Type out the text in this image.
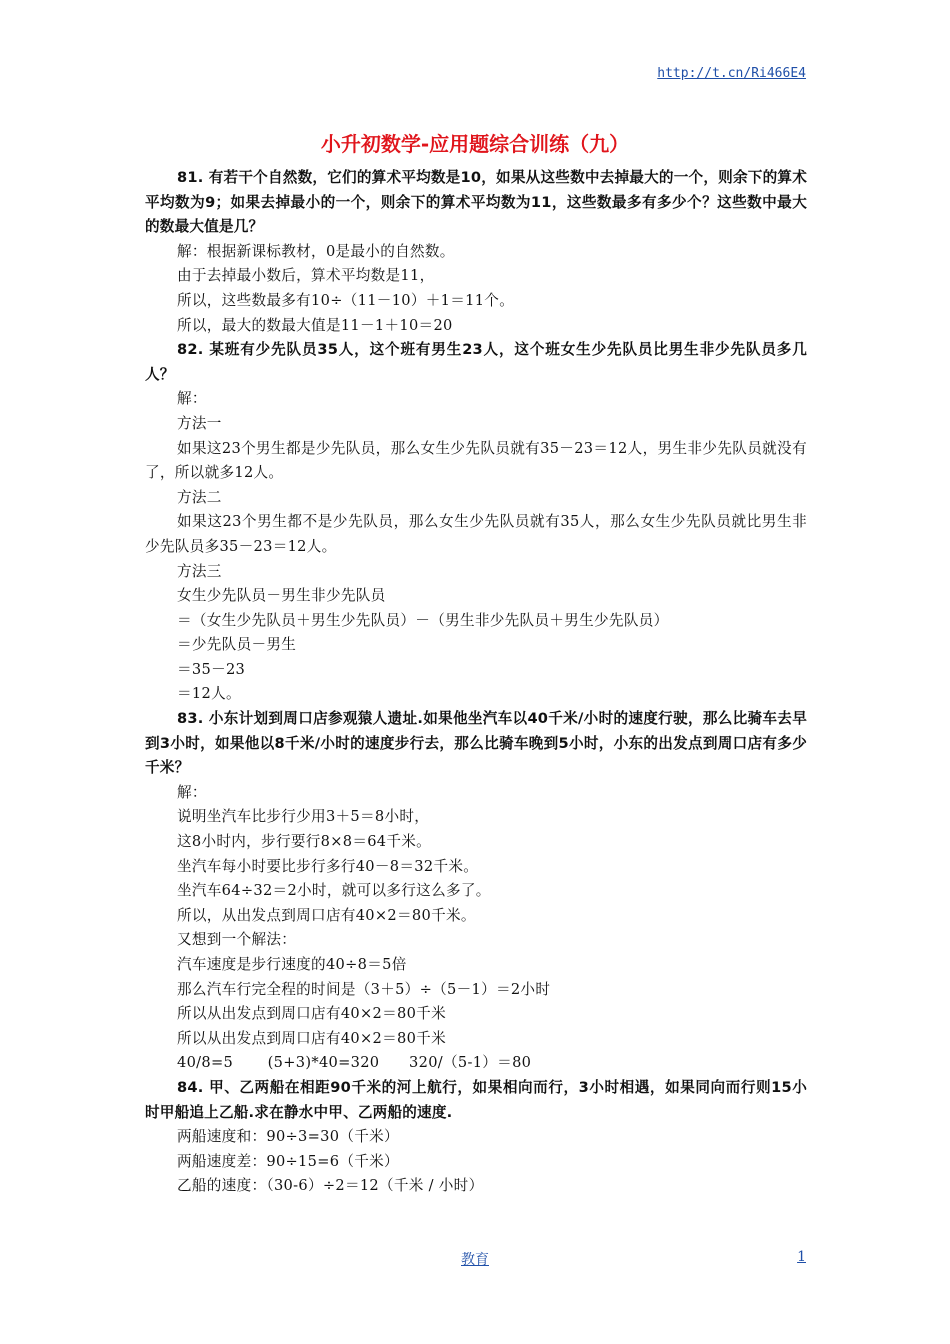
http://t.cn/Ri466E4
小升初数学-应用题综合训练（九）

81. 有若干个自然数，它们的算术平均数是10，如果从这些数中去掉最大的一个，则余下的算术平均数为9；如果去掉最小的一个，则余下的算术平均数为11，这些数最多有多少个？这些数中最大的数最大值是几？

解：根据新课标教材，0是最小的自然数。

由于去掉最小数后，算术平均数是11，

所以，这些数最多有10÷（11－10）＋1＝11个。

所以，最大的数最大值是11－1＋10＝20

82. 某班有少先队员35人，这个班有男生23人，这个班女生少先队员比男生非少先队员多几人？

解：

方法一

如果这23个男生都是少先队员，那么女生少先队员就有35－23＝12人，男生非少先队员就没有了，所以就多12人。

方法二

如果这23个男生都不是少先队员，那么女生少先队员就有35人，那么女生少先队员就比男生非少先队员多35－23＝12人。

方法三

女生少先队员－男生非少先队员

＝（女生少先队员＋男生少先队员）－（男生非少先队员＋男生少先队员）

＝少先队员－男生

＝35－23

＝12人。

83. 小东计划到周口店参观猿人遗址.如果他坐汽车以40千米/小时的速度行驶，那么比骑车去早到3小时，如果他以8千米/小时的速度步行去，那么比骑车晚到5小时，小东的出发点到周口店有多少千米？

解：

说明坐汽车比步行少用3＋5＝8小时，

这8小时内，步行要行8×8＝64千米。

坐汽车每小时要比步行多行40－8＝32千米。

坐汽车64÷32＝2小时，就可以多行这么多了。

所以，从出发点到周口店有40×2＝80千米。

又想到一个解法：

汽车速度是步行速度的40÷8＝5倍

那么汽车行完全程的时间是（3＋5）÷（5－1）＝2小时

所以从出发点到周口店有40×2＝80千米

所以从出发点到周口店有40×2＝80千米

40/8=5       (5+3)*40=320      320/（5-1）＝80

84. 甲、乙两船在相距90千米的河上航行，如果相向而行，3小时相遇，如果同向而行则15小时甲船追上乙船.求在静水中甲、乙两船的速度.

两船速度和：90÷3=30（千米）

两船速度差：90÷15=6（千米）

乙船的速度：（30-6）÷2＝12（千米 / 小时）

教育	1
